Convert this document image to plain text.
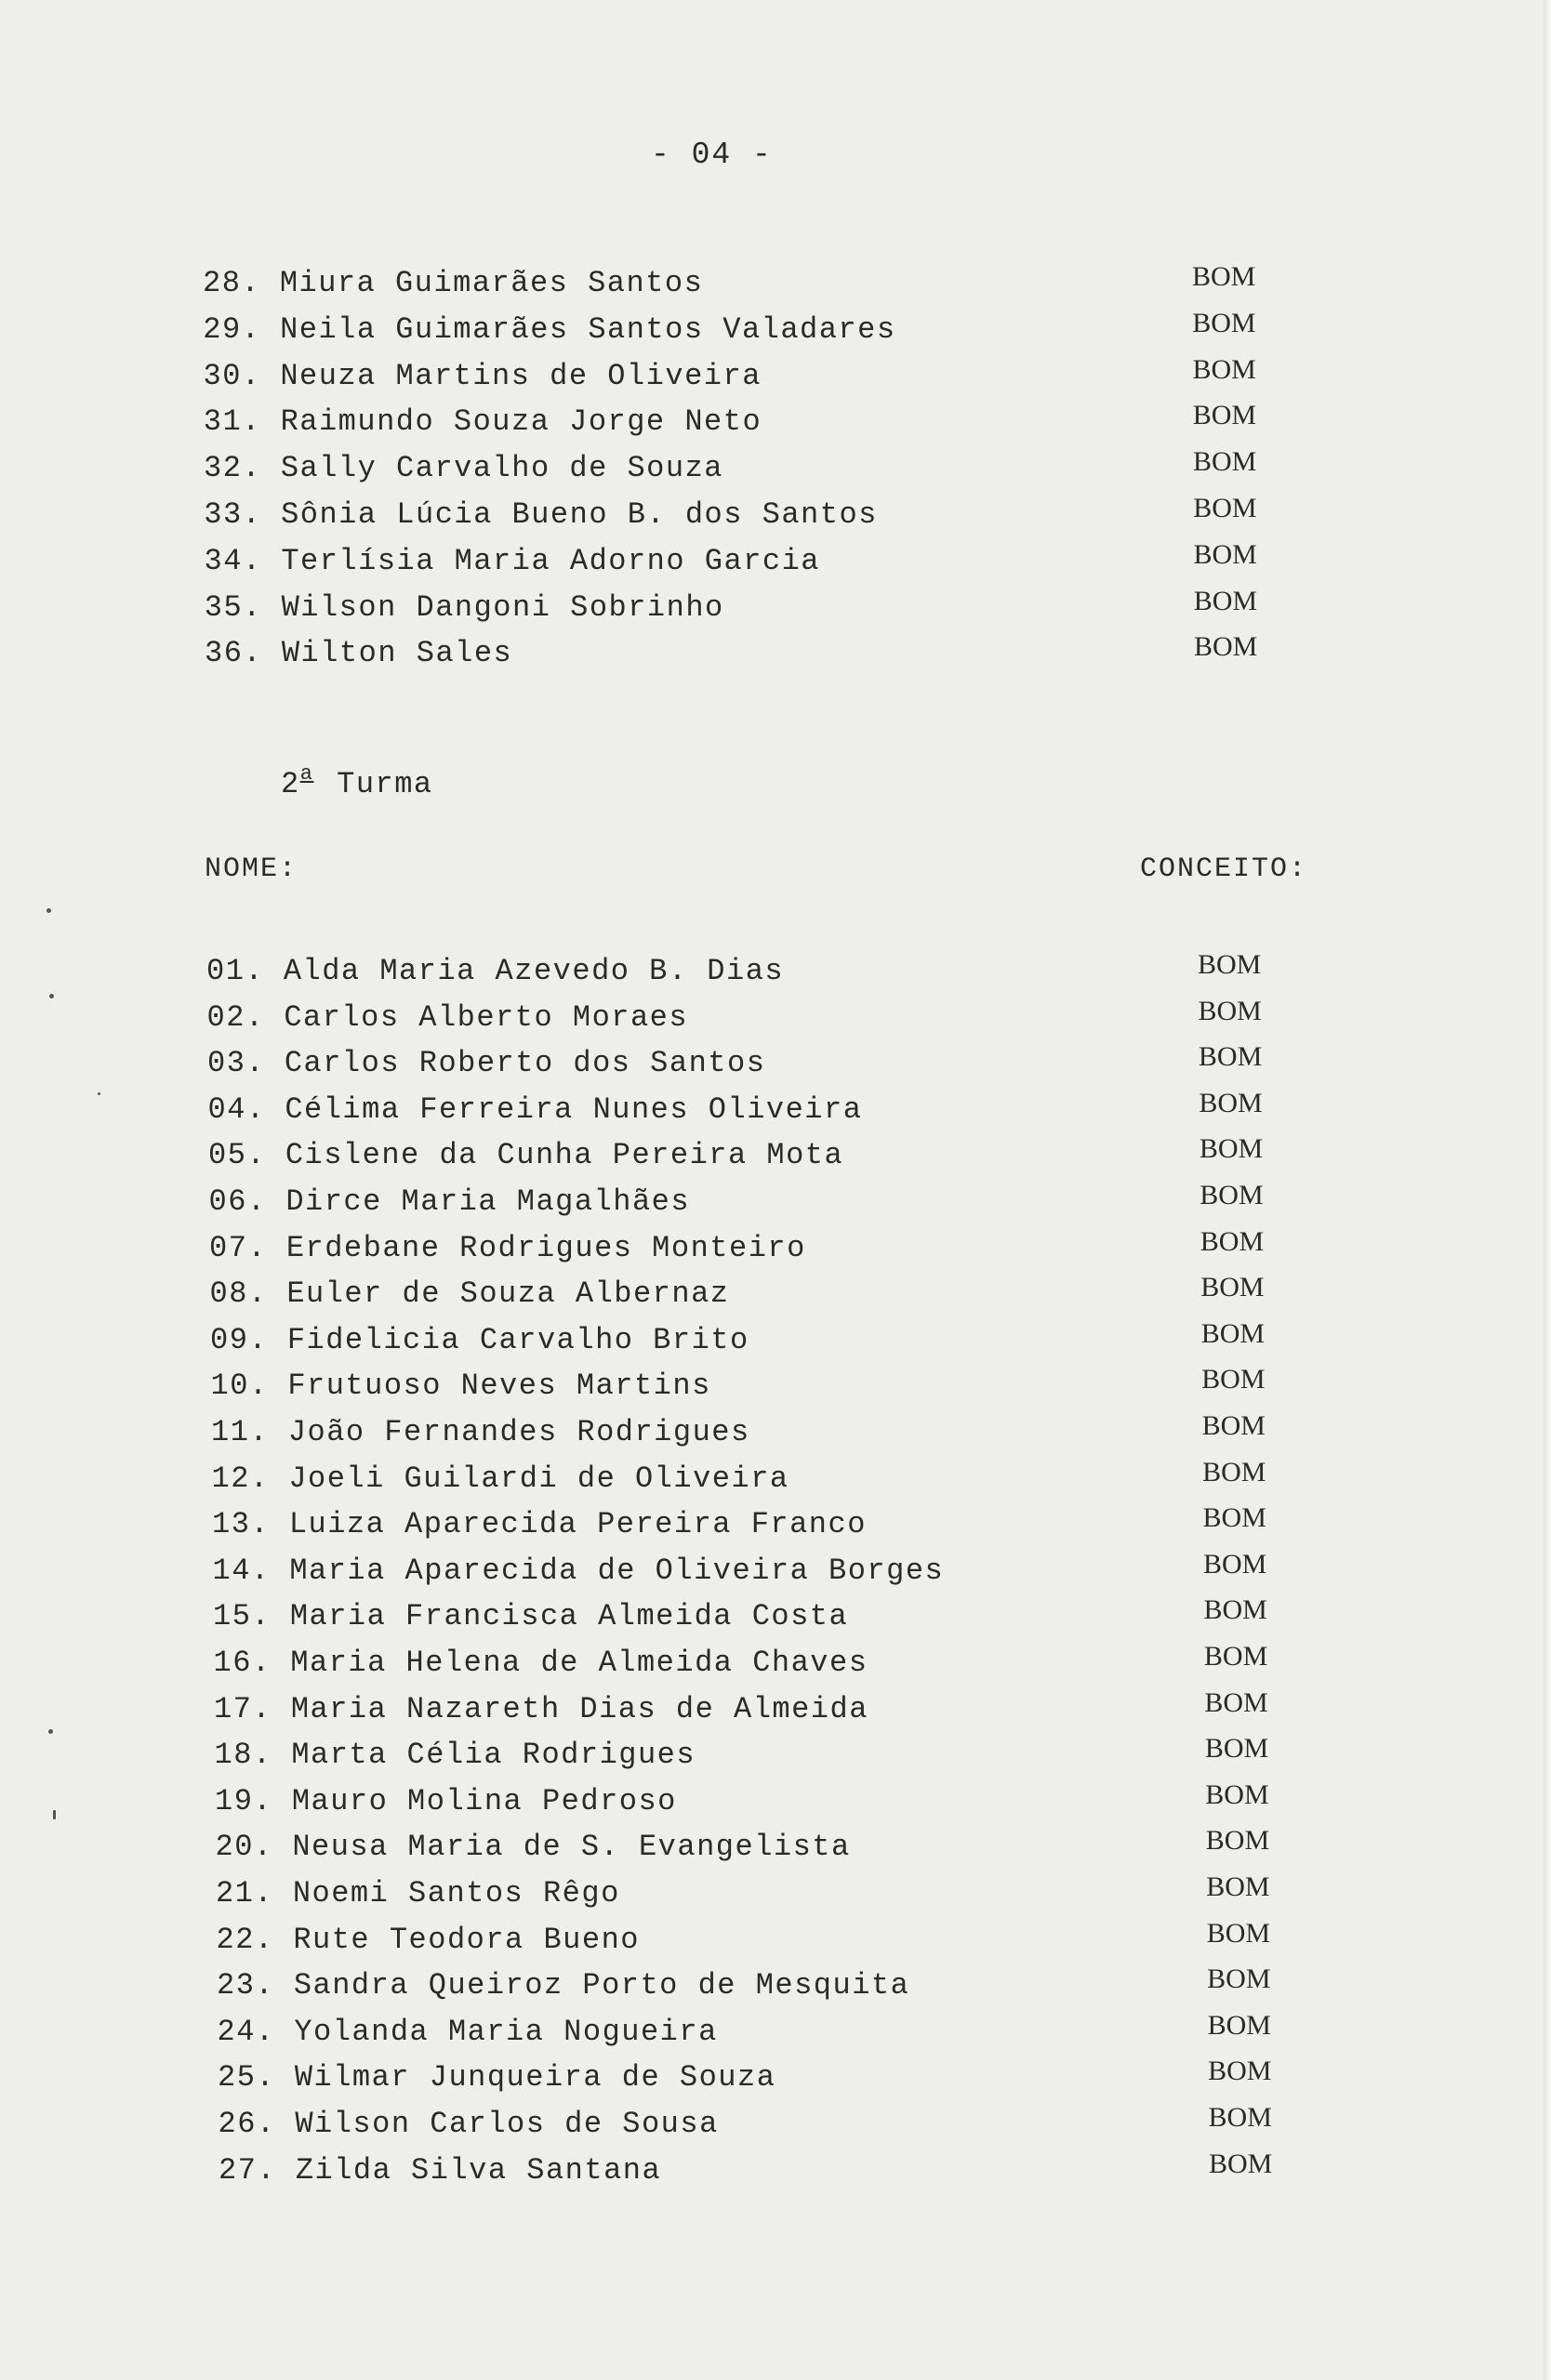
- 04 -
28. Miura Guimarães Santos	BOM
29. Neila Guimarães Santos Valadares	BOM
30. Neuza Martins de Oliveira	BOM
31. Raimundo Souza Jorge Neto	BOM
32. Sally Carvalho de Souza	BOM
33. Sônia Lúcia Bueno B. dos Santos	BOM
34. Terlísia Maria Adorno Garcia	BOM
35. Wilson Dangoni Sobrinho	BOM
36. Wilton Sales	BOM
2$^a$ Turma
NOME:	CONCEITO:
01. Alda Maria Azevedo B. Dias	BOM
02. Carlos Alberto Moraes	BOM
03. Carlos Roberto dos Santos	BOM
04. Célima Ferreira Nunes Oliveira	BOM
05. Cislene da Cunha Pereira Mota	BOM
06. Dirce Maria Magalhães	BOM
07. Erdebane Rodrigues Monteiro	BOM
08. Euler de Souza Albernaz	BOM
09. Fidelicia Carvalho Brito	BOM
10. Frutuoso Neves Martins	BOM
11. João Fernandes Rodrigues	BOM
12. Joeli Guilardi de Oliveira	BOM
13. Luiza Aparecida Pereira Franco	BOM
14. Maria Aparecida de Oliveira Borges	BOM
15. Maria Francisca Almeida Costa	BOM
16. Maria Helena de Almeida Chaves	BOM
17. Maria Nazareth Dias de Almeida	BOM
18. Marta Célia Rodrigues	BOM
19. Mauro Molina Pedroso	BOM
20. Neusa Maria de S. Evangelista	BOM
21. Noemi Santos Rêgo	BOM
22. Rute Teodora Bueno	BOM
23. Sandra Queiroz Porto de Mesquita	BOM
24. Yolanda Maria Nogueira	BOM
25. Wilmar Junqueira de Souza	BOM
26. Wilson Carlos de Sousa	BOM
27. Zilda Silva Santana	BOM
